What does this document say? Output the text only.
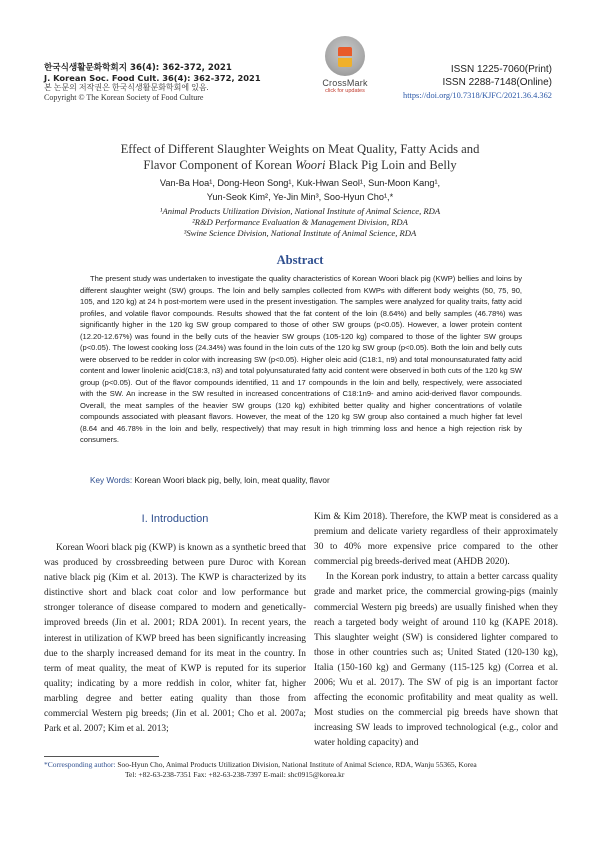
한국식생활문화학회지 36(4): 362-372, 2021
J. Korean Soc. Food Cult. 36(4): 362-372, 2021
본 논문의 저작권은 한국식생활문화학회에 있음.
Copyright © The Korean Society of Food Culture
CrossMark
click for updates
ISSN 1225-7060(Print)
ISSN 2288-7148(Online)
https://doi.org/10.7318/KJFC/2021.36.4.362
Effect of Different Slaughter Weights on Meat Quality, Fatty Acids and
Flavor Component of Korean Woori Black Pig Loin and Belly
Van-Ba Hoa¹, Dong-Heon Song¹, Kuk-Hwan Seol¹, Sun-Moon Kang¹,
Yun-Seok Kim², Ye-Jin Min³, Soo-Hyun Cho¹,*
¹Animal Products Utilization Division, National Institute of Animal Science, RDA
²R&D Performance Evaluation & Management Division, RDA
³Swine Science Division, National Institute of Animal Science, RDA
Abstract
The present study was undertaken to investigate the quality characteristics of Korean Woori black pig (KWP) bellies and loins by different slaughter weight (SW) groups. The loin and belly samples collected from KWPs with different body weights (50, 75, 90, 105, and 120 kg) at 24 h post-mortem were used in the present investigation. The samples were analyzed for quality traits, fatty acid profiles, and volatile flavor compounds. Results showed that the fat content of the loin (8.64%) and belly samples (46.78%) was significantly higher in the 120 kg SW group compared to those of other SW groups (p<0.05). However, a lower protein content (12.20-12.67%) was found in the belly cuts of the heavier SW groups (105-120 kg) compared to those of the lighter SW groups (p<0.05). The lowest cooking loss (24.34%) was found in the loin cuts of the 120 kg SW group (p<0.05). Both the loin and belly cuts were observed to be redder in color with increasing SW (p<0.05). Higher oleic acid (C18:1, n9) and total monounsaturated fatty acid content and lower linolenic acid(C18:3, n3) and total polyunsaturated fatty acid content were observed in both cuts of the 120 kg SW group (p<0.05). Out of the flavor compounds identified, 11 and 17 compounds in the loin and belly, respectively, were associated with the SW. An increase in the SW resulted in increased concentrations of C18:1n9- and amino acid-derived flavor compounds. Overall, the meat samples of the heavier SW groups (120 kg) exhibited better quality and higher concentrations of volatile compounds associated with pleasant flavors. However, the meat of the 120 kg SW group also contained a much higher fat level (8.64 and 46.78% in the loin and belly, respectively) that may result in high trimming loss and hence a high rejection risk by consumers.
Key Words: Korean Woori black pig, belly, loin, meat quality, flavor
I. Introduction

Korean Woori black pig (KWP) is known as a synthetic breed that was produced by crossbreeding between pure Duroc with Korean native black pig (Kim et al. 2013). The KWP is characterized by its distinctive short and black coat color and low performance but stronger tolerance of disease compared to modern and genetically-improved breeds (Jin et al. 2001; RDA 2001). In recent years, the interest in utilization of KWP breed has been significantly increasing due to the sharply increased demand for its meat in the country. In term of meat quality, the meat of KWP is reputed for its superior quality; indicating by a more reddish in color, whiter fat, higher marbling degree and better eating quality than those from commercial Western pig breeds; (Jin et al. 2001; Cho et al. 2007a; Park et al. 2007; Kim et al. 2013;

Kim & Kim 2018). Therefore, the KWP meat is considered as a premium and delicate variety regardless of their approximately 30 to 40% more expensive price compared to the other commercial pig breeds-derived meat (AHDB 2020).

In the Korean pork industry, to attain a better carcass quality grade and market price, the commercial growing-pigs (mainly commercial Western pig breeds) are usually finished when they reach a targeted body weight of around 110 kg (KAPE 2018). This slaughter weight (SW) is considered lighter compared to those in other countries such as; United Stated (120-130 kg), Italia (150-160 kg) and Germany (115-125 kg) (Correa et al. 2006; Wu et al. 2017). The SW of pig is an important factor affecting the economic profitability and meat quality as well. Most studies on the commercial pig breeds have shown that increasing SW leads to improved technological (e.g., color and water holding capacity) and

*Corresponding author: Soo-Hyun Cho, Animal Products Utilization Division, National Institute of Animal Science, RDA, Wanju 55365, Korea
Tel: +82-63-238-7351 Fax: +82-63-238-7397 E-mail: shc0915@korea.kr
